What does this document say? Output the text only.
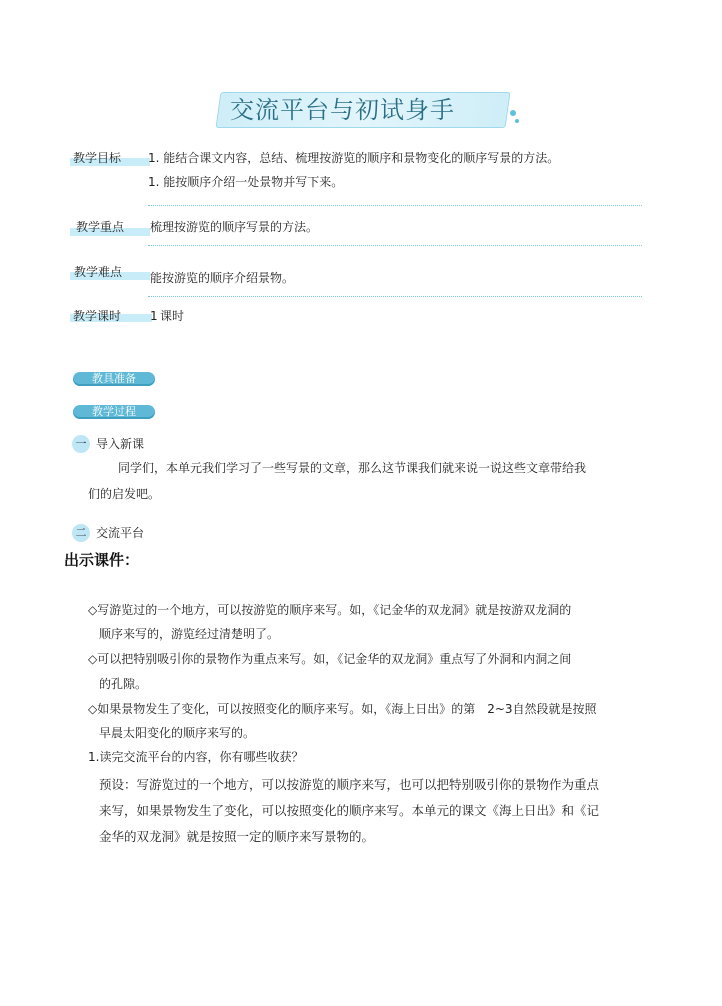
交流平台与初试身手
教学目标 1. 能结合课文内容，总结、梳理按游览的顺序和景物变化的顺序写景的方法。
1. 能按顺序介绍一处景物并写下来。
教学重点 梳理按游览的顺序写景的方法。
教学难点 能按游览的顺序介绍景物。
教学课时 1 课时
教具准备
教学过程
一 导入新课
同学们，本单元我们学习了一些写景的文章，那么这节课我们就来说一说这些文章带给我
们的启发吧。
二 交流平台
出示课件：
◇写游览过的一个地方，可以按游览的顺序来写。如，《记金华的双龙洞》就是按游双龙洞的
顺序来写的，游览经过清楚明了。
◇可以把特别吸引你的景物作为重点来写。如，《记金华的双龙洞》重点写了外洞和内洞之间
的孔隙。
◇如果景物发生了变化，可以按照变化的顺序来写。如，《海上日出》的第　2~3自然段就是按照
早晨太阳变化的顺序来写的。
1.读完交流平台的内容，你有哪些收获？
预设：写游览过的一个地方，可以按游览的顺序来写，也可以把特别吸引你的景物作为重点
来写，如果景物发生了变化，可以按照变化的顺序来写。本单元的课文《海上日出》和《记
金华的双龙洞》就是按照一定的顺序来写景物的。
